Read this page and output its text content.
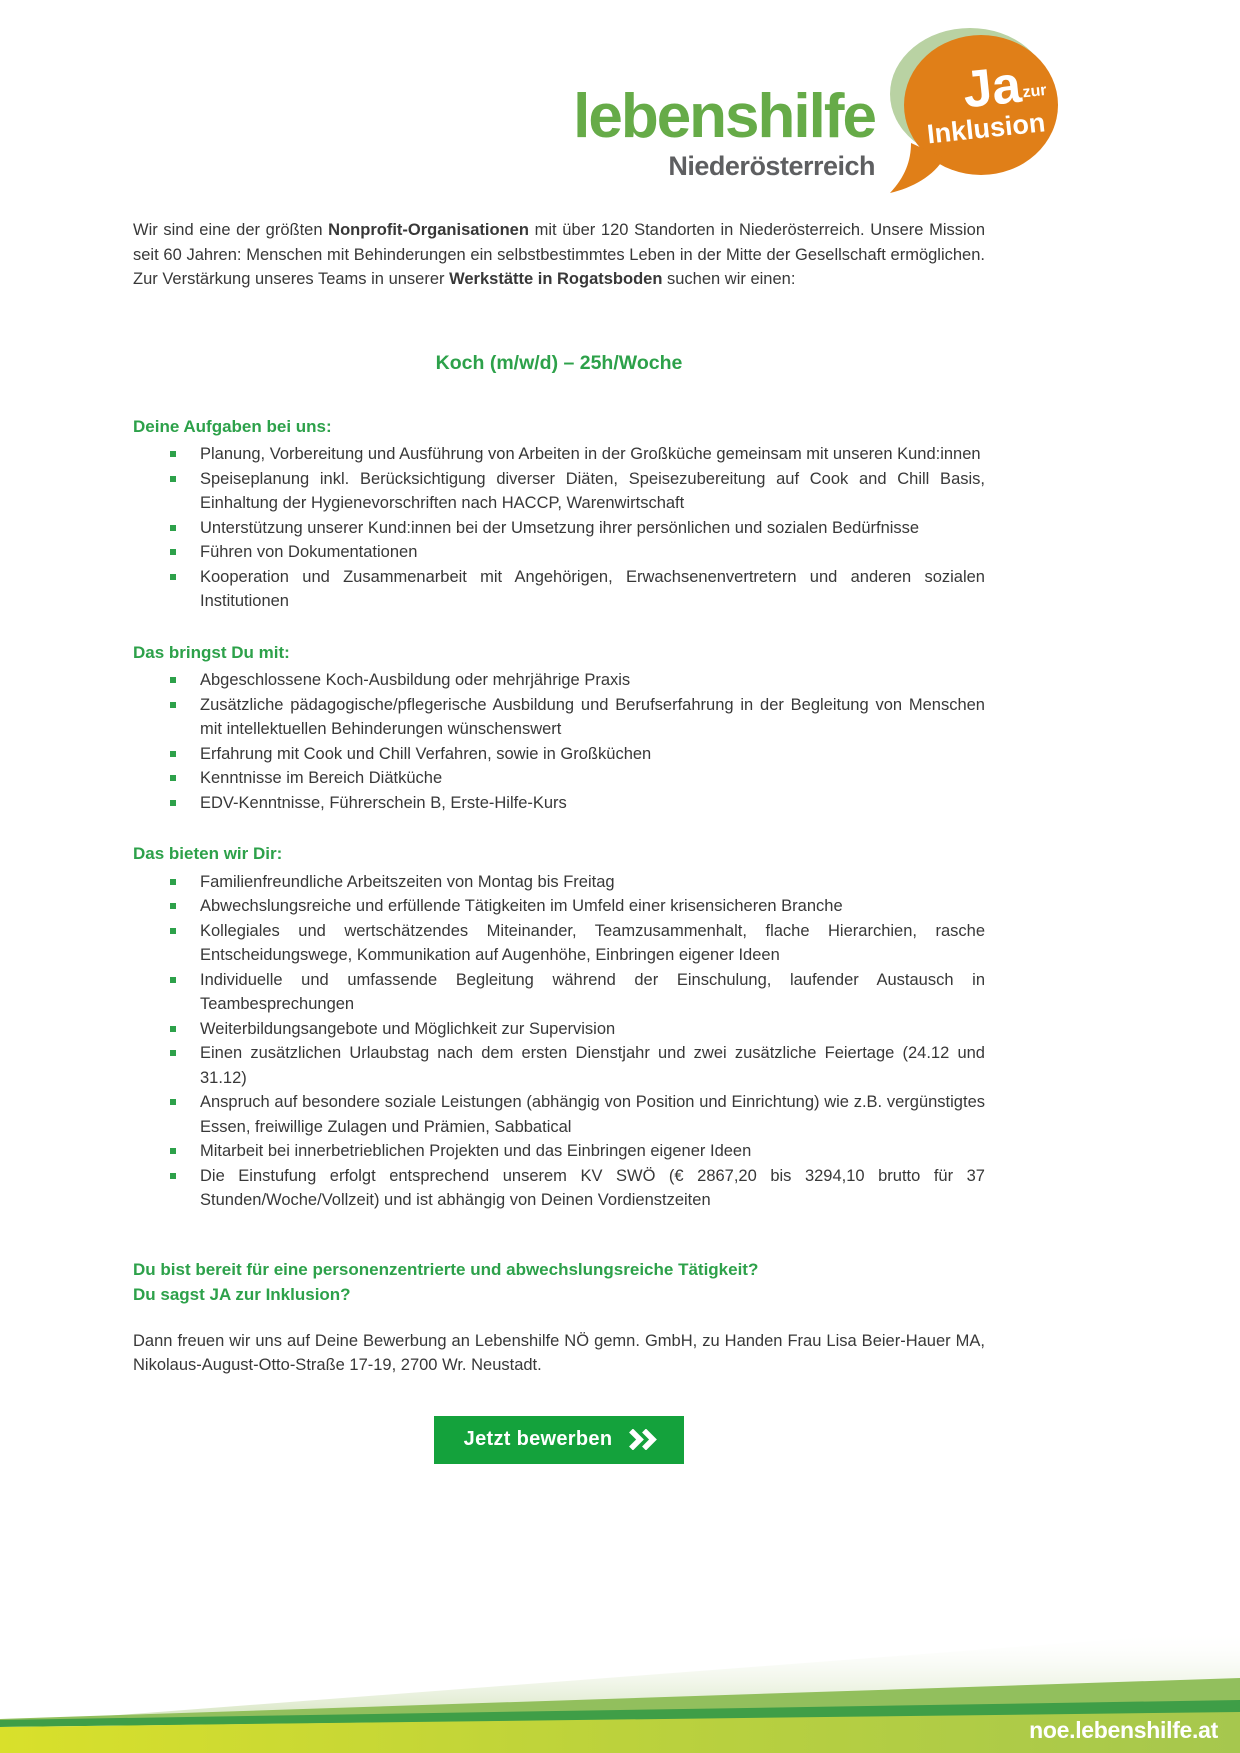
lebenshilfe
Niederösterreich
Ja
zur
Inklusion

Wir sind eine der größten Nonprofit-Organisationen mit über 120 Standorten in Niederösterreich. Unsere Mission seit 60 Jahren: Menschen mit Behinderungen ein selbstbestimmtes Leben in der Mitte der Gesellschaft ermöglichen. Zur Verstärkung unseres Teams in unserer Werkstätte in Rogatsboden suchen wir einen:

Koch (m/w/d) – 25h/Woche
Deine Aufgaben bei uns:
Planung, Vorbereitung und Ausführung von Arbeiten in der Großküche gemeinsam mit unseren Kund:innen
Speiseplanung inkl. Berücksichtigung diverser Diäten, Speisezubereitung auf Cook and Chill Basis, Einhaltung der Hygienevorschriften nach HACCP, Warenwirtschaft
Unterstützung unserer Kund:innen bei der Umsetzung ihrer persönlichen und sozialen Bedürfnisse
Führen von Dokumentationen
Kooperation und Zusammenarbeit mit Angehörigen, Erwachsenenvertretern und anderen sozialen Institutionen
Das bringst Du mit:
Abgeschlossene Koch-Ausbildung oder mehrjährige Praxis
Zusätzliche pädagogische/pflegerische Ausbildung und Berufserfahrung in der Begleitung von Menschen mit intellektuellen Behinderungen wünschenswert
Erfahrung mit Cook und Chill Verfahren, sowie in Großküchen
Kenntnisse im Bereich Diätküche
EDV-Kenntnisse, Führerschein B, Erste-Hilfe-Kurs
Das bieten wir Dir:
Familienfreundliche Arbeitszeiten von Montag bis Freitag
Abwechslungsreiche und erfüllende Tätigkeiten im Umfeld einer krisensicheren Branche
Kollegiales und wertschätzendes Miteinander, Teamzusammenhalt, flache Hierarchien, rasche Entscheidungswege, Kommunikation auf Augenhöhe, Einbringen eigener Ideen
Individuelle und umfassende Begleitung während der Einschulung, laufender Austausch in Teambesprechungen
Weiterbildungsangebote und Möglichkeit zur Supervision
Einen zusätzlichen Urlaubstag nach dem ersten Dienstjahr und zwei zusätzliche Feiertage (24.12 und 31.12)
Anspruch auf besondere soziale Leistungen (abhängig von Position und Einrichtung) wie z.B. vergünstigtes Essen, freiwillige Zulagen und Prämien, Sabbatical
Mitarbeit bei innerbetrieblichen Projekten und das Einbringen eigener Ideen
Die Einstufung erfolgt entsprechend unserem KV SWÖ (€ 2867,20 bis 3294,10 brutto für 37 Stunden/Woche/Vollzeit) und ist abhängig von Deinen Vordienstzeiten

Du bist bereit für eine personenzentrierte und abwechslungsreiche Tätigkeit?

Du sagst JA zur Inklusion?

Dann freuen wir uns auf Deine Bewerbung an Lebenshilfe NÖ gemn. GmbH, zu Handen Frau Lisa Beier-Hauer MA, Nikolaus-August-Otto-Straße 17-19, 2700 Wr. Neustadt.

Jetzt bewerben
noe.lebenshilfe.at
